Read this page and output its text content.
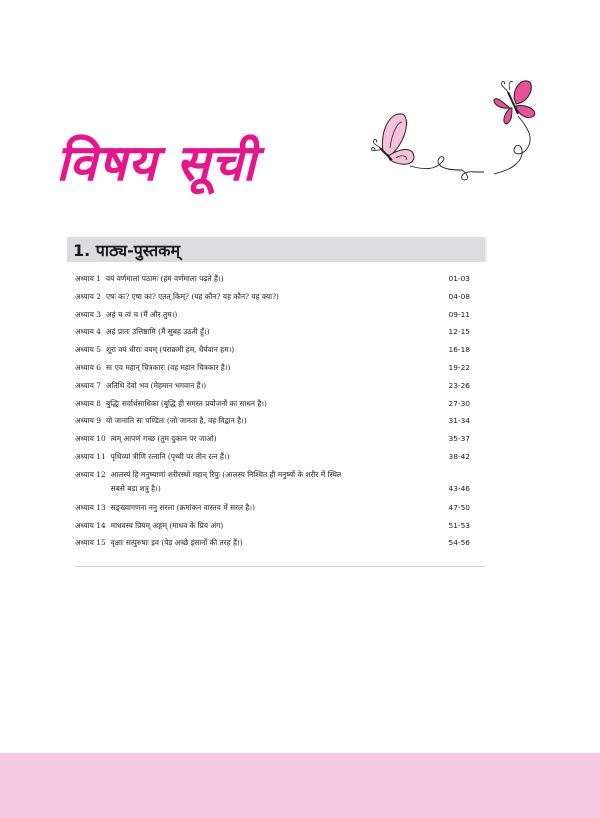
विषय सूची
1. पाठ्य-पुस्तकम्
अध्याय 1 वयं वर्णमालां पठामः (हम वर्णमाला पढ़ते हैं।)	01-03
अध्याय 2 एषः कः? एषा का? एतत् किम्? (यह कौन? यह कौन? यह क्या?)	04-08
अध्याय 3 अहं च त्वं च (मैं और तुम।)	09-11
अध्याय 4 अहं प्रातः उत्तिष्ठामि (मैं सुबह उठती हूँ।)	12-15
अध्याय 5 शूरा वयं धीराः वयम् (पराक्रमी हम, धैर्यवान हम।)	16-18
अध्याय 6 सः एव महान् चित्रकारः (वह महान चित्रकार है।)	19-22
अध्याय 7 अतिथि देवो भव (मेहमान भगवान हैं।)	23-26
अध्याय 8 बुद्धिः सर्वार्थसाधिका (बुद्धि ही समस्त प्रयोजनों का साधन है।)	27-30
अध्याय 9 यो जानाति सः पण्डितः (जो जानता है, वह विद्वान है।)	31-34
अध्याय 10 त्वम् आपणं गच्छ (तुम दुकान पर जाओ)	35-37
अध्याय 11 पृथिव्यां त्रीणि रत्नानि (पृथ्वी पर तीन रत्न हैं।)	38-42
अध्याय 12 आलस्यं हि मनुष्याणां शरीरस्थो महान् रिपुः (आलस्य निश्चित ही मनुष्यों के शरीर में स्थित
सबसे बड़ा शत्रु है।)	43-46
अध्याय 13 सङ्ख्यागणना ननु सरला (क्रमांकन वास्तव में सरल है।)	47-50
अध्याय 14 माधवस्य प्रियम् अङ्गम् (माधव के प्रिय अंग)	51-53
अध्याय 15 वृक्षाः सत्पुरुषाः इव (पेड़ अच्छे इंसानों की तरह हैं।)	54-56
